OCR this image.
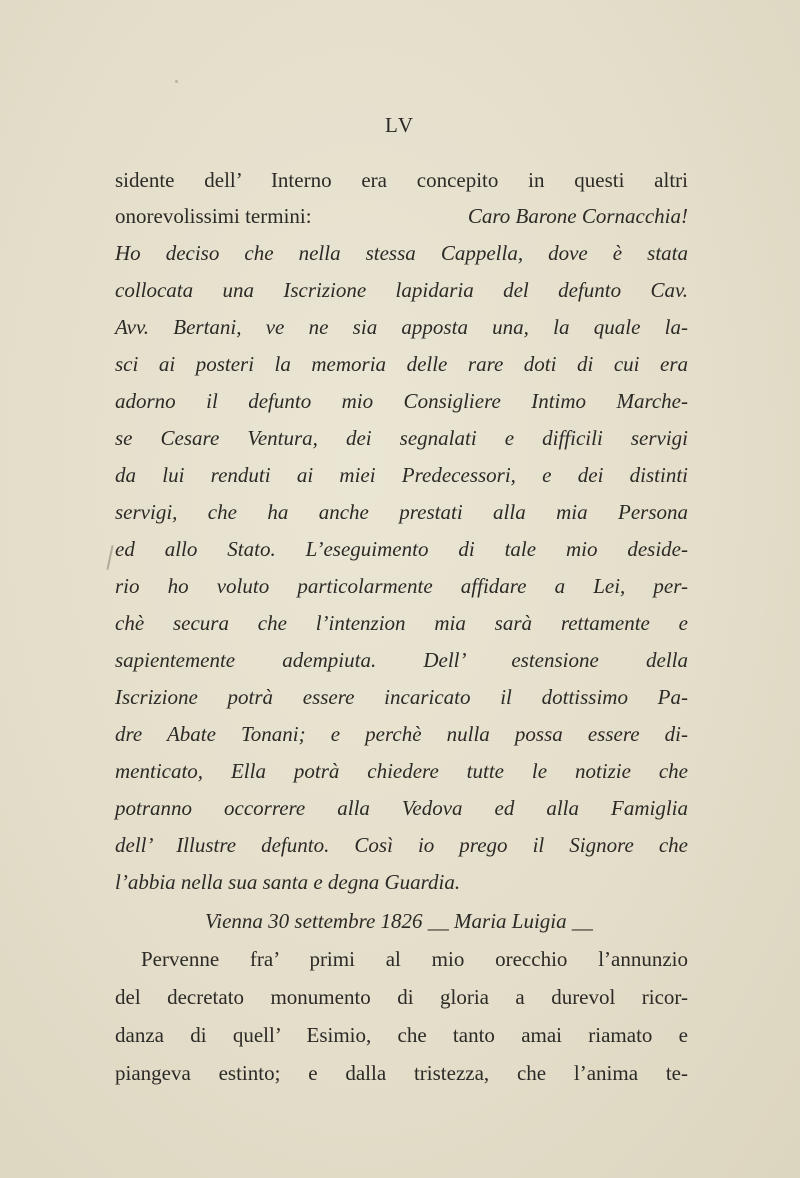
LV
sidente dell’ Interno era concepito in questi altri
onorevolissimi termini:	Caro Barone Cornacchia!
Ho deciso che nella stessa Cappella, dove è stata
collocata una Iscrizione lapidaria del defunto Cav.
Avv. Bertani, ve ne sia apposta una, la quale la-
sci ai posteri la memoria delle rare doti di cui era
adorno il defunto mio Consigliere Intimo Marche-
se Cesare Ventura, dei segnalati e difficili servigi
da lui renduti ai miei Predecessori, e dei distinti
servigi, che ha anche prestati alla mia Persona
ed allo Stato. L’eseguimento di tale mio deside-
rio ho voluto particolarmente affidare a Lei, per-
chè secura che l’intenzion mia sarà rettamente e
sapientemente adempiuta. Dell’ estensione della
Iscrizione potrà essere incaricato il dottissimo Pa-
dre Abate Tonani; e perchè nulla possa essere di-
menticato, Ella potrà chiedere tutte le notizie che
potranno occorrere alla Vedova ed alla Famiglia
dell’ Illustre defunto. Così io prego il Signore che
l’abbia nella sua santa e degna Guardia.
Vienna 30 settembre 1826 __ Maria Luigia __
Pervenne fra’ primi al mio orecchio l’annunzio
del decretato monumento di gloria a durevol ricor-
danza di quell’ Esimio, che tanto amai riamato e
piangeva estinto; e dalla tristezza, che l’anima te-
